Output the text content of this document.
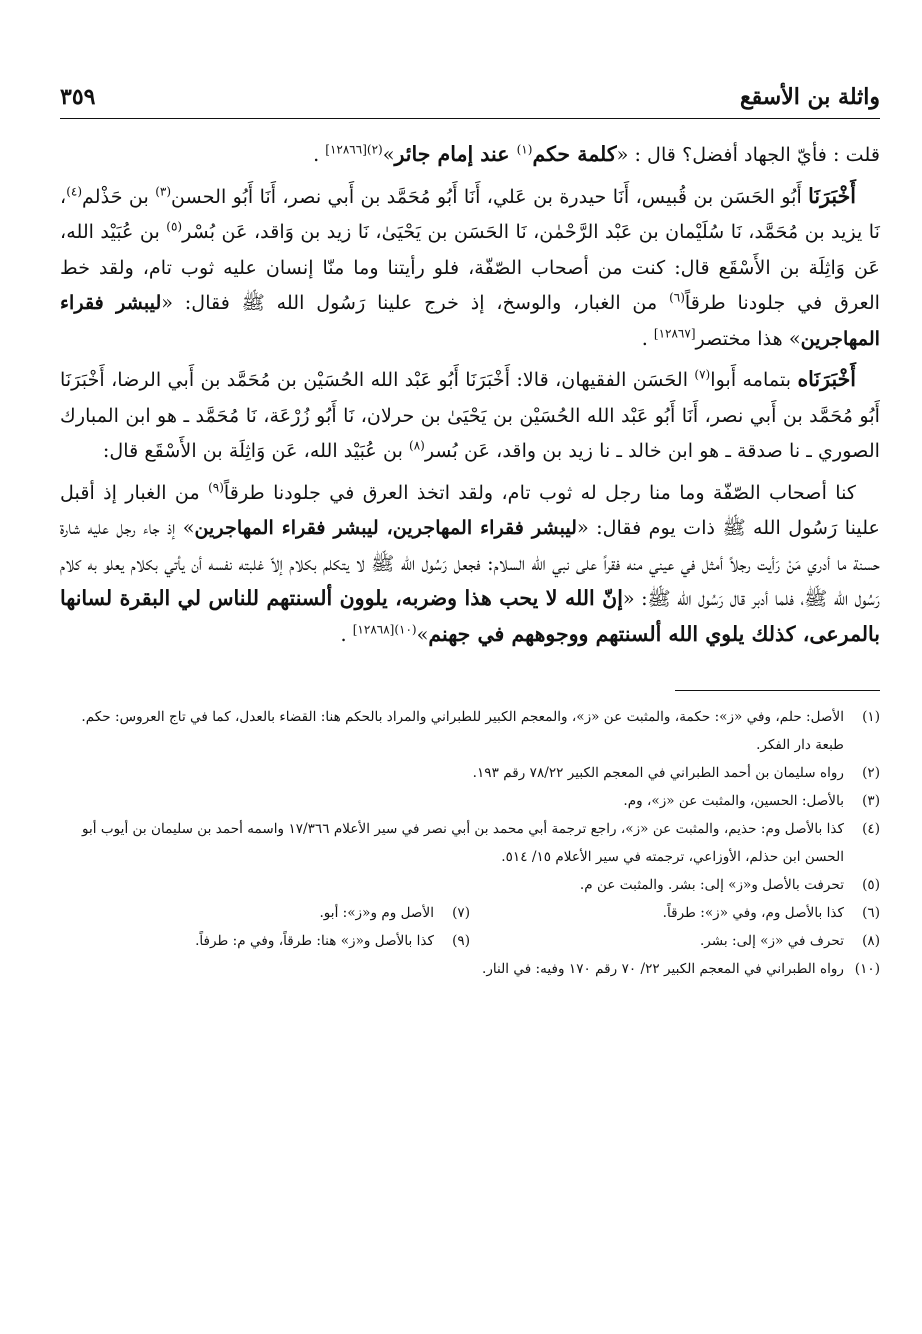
واثلة بن الأسقع
٣٥٩

قلت : فأيّ الجهاد أفضل؟ قال : «كلمة حكم$^{(١)}$ عند إمام جائر»$^{(٢)[١٢٨٦٦]}$ .

أَخْبَرَنَا أَبُو الحَسَن بن قُبيس، أَنَا حيدرة بن عَلي، أَنَا أَبُو مُحَمَّد بن أَبي نصر، أَنَا أَبُو الحسن$^{(٣)}$ بن حَذْلم$^{(٤)}$، نَا يزيد بن مُحَمَّد، نَا سُلَيْمان بن عَبْد الرَّحْمٰن، نَا الحَسَن بن يَحْيَىٰ، نَا زيد بن وَاقد، عَن بُسْر$^{(٥)}$ بن عُبَيْد الله، عَن وَاثِلَة بن الأَسْقَع قال: كنت من أصحاب الصّفّة، فلو رأيتنا وما منّا إنسان عليه ثوب تام، ولقد خط العرق في جلودنا طرقاً$^{(٦)}$ من الغبار، والوسخ، إذ خرج علينا رَسُول الله ﷺ فقال: «ليبشر فقراء المهاجرين» هذا مختصر[١٢٨٦٧] .

أَخْبَرَنَاه بتمامه أَبوا$^{(٧)}$ الحَسَن الفقيهان، قالا: أَخْبَرَنَا أَبُو عَبْد الله الحُسَيْن بن مُحَمَّد بن أَبي الرضا، أَخْبَرَنَا أَبُو مُحَمَّد بن أَبي نصر، أَنَا أَبُو عَبْد الله الحُسَيْن بن يَحْيَىٰ بن حرلان، نَا أَبُو زُرْعَة، نَا مُحَمَّد ـ هو ابن المبارك الصوري ـ نا صدقة ـ هو ابن خالد ـ نا زيد بن واقد، عَن بُسر$^{(٨)}$ بن عُبَيْد الله، عَن وَاثِلَة بن الأَسْقَع قال:

كنا أصحاب الصّفّة وما منا رجل له ثوب تام، ولقد اتخذ العرق في جلودنا طرقاً$^{(٩)}$ من الغبار إذ أقبل علينا رَسُول الله ﷺ ذات يوم فقال: «ليبشر فقراء المهاجرين، ليبشر فقراء المهاجرين» إذ جاء رجل عليه شارة حسنة ما أدري مَنْ رَأيت رجلاً أمثل في عيني منه فقراً على نبي الله السلام: فجعل رَسُول الله ﷺ لا يتكلم بكلام إلاّ غلبته نفسه أن يأتي بكلام يعلو به كلام رَسُول الله ﷺ، فلما أدبر قال رَسُول الله ﷺ: «إنّ الله لا يحب هذا وضربه، يلوون ألسنتهم للناس لي البقرة لسانها بالمرعى، كذلك يلوي الله ألسنتهم ووجوههم في جهنم»$^{(١٠)[١٢٨٦٨]}$ .

(١)
الأصل: حلم، وفي «ز»: حكمة، والمثبت عن «ز»، والمعجم الكبير للطبراني والمراد بالحكم هنا: القضاء بالعدل، كما في تاج العروس: حكم. طبعة دار الفكر.
(٢)
رواه سليمان بن أحمد الطبراني في المعجم الكبير ٧٨/٢٢ رقم ١٩٣.
(٣)
بالأصل: الحسين، والمثبت عن «ز»، وم.
(٤)
كذا بالأصل وم: حذيم، والمثبت عن «ز»، راجع ترجمة أبي محمد بن أبي نصر في سير الأعلام ١٧/٣٦٦ واسمه أحمد بن سليمان بن أيوب أبو الحسن ابن حذلم، الأوزاعي، ترجمته في سير الأعلام ١٥/ ٥١٤.
(٥)
تحرفت بالأصل و«ز» إلى: بشر. والمثبت عن م.
(٦)
كذا بالأصل وم، وفي «ز»: طرقاً.
(٧)
الأصل وم و«ز»: أبو.
(٨)
تحرف في «ز» إلى: بشر.
(٩)
كذا بالأصل و«ز» هنا: طرقاً، وفي م: طرفاً.
(١٠)
رواه الطبراني في المعجم الكبير ٢٢/ ٧٠ رقم ١٧٠ وفيه: في النار.
